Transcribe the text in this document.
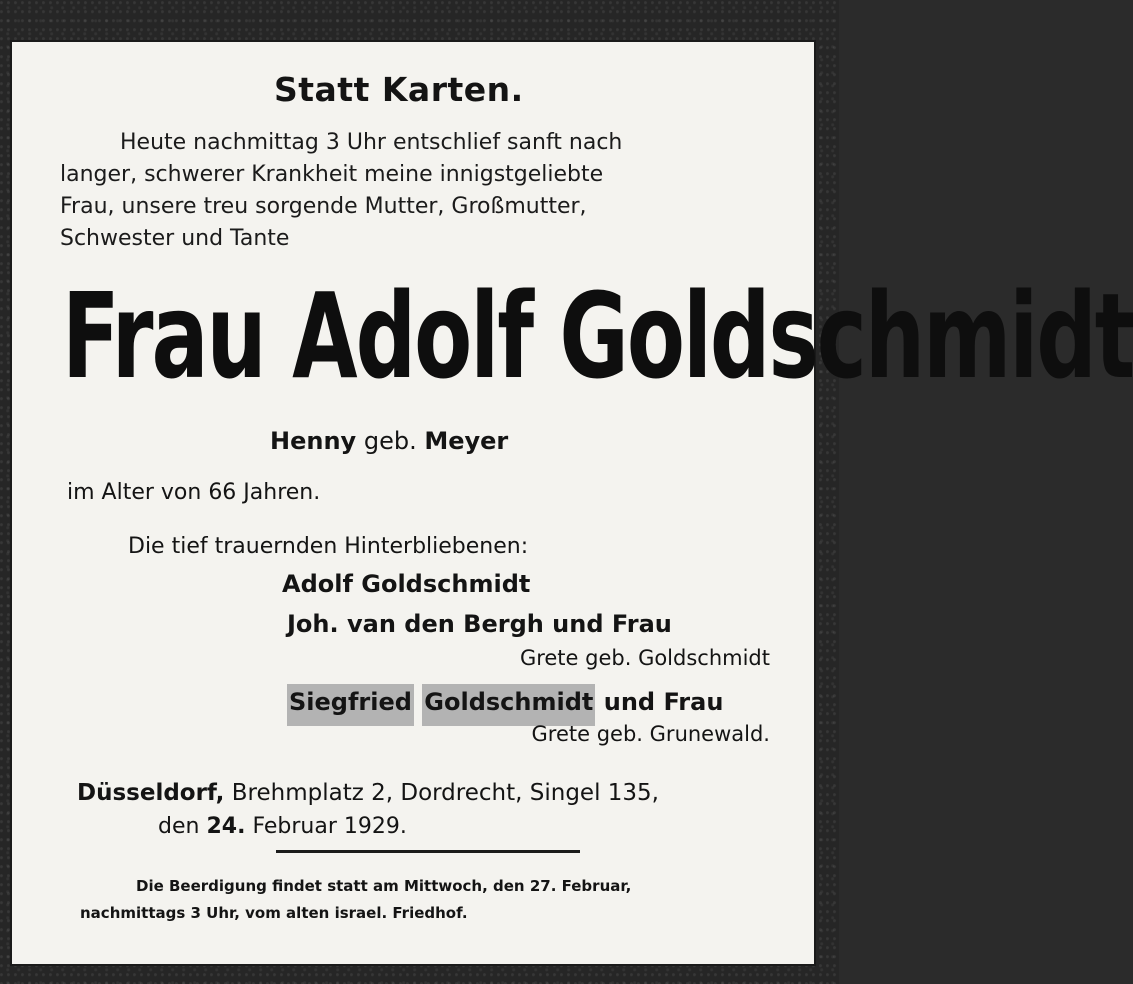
Statt Karten.
Heute nachmittag 3 Uhr entschlief sanft nach
langer, schwerer Krankheit meine innigstgeliebte
Frau, unsere treu sorgende Mutter, Großmutter,
Schwester und Tante
Frau Adolf Goldschmidt
Henny geb. Meyer
im Alter von 66 Jahren.
Die tief trauernden Hinterbliebenen:
Adolf Goldschmidt
Joh. van den Bergh und Frau
Grete geb. Goldschmidt
Siegfried Goldschmidt und Frau
Grete geb. Grunewald.
Düsseldorf, Brehmplatz 2, Dordrecht, Singel 135,
den 24. Februar 1929.
Die Beerdigung findet statt am Mittwoch, den 27. Februar,
nachmittags 3 Uhr, vom alten israel. Friedhof.
